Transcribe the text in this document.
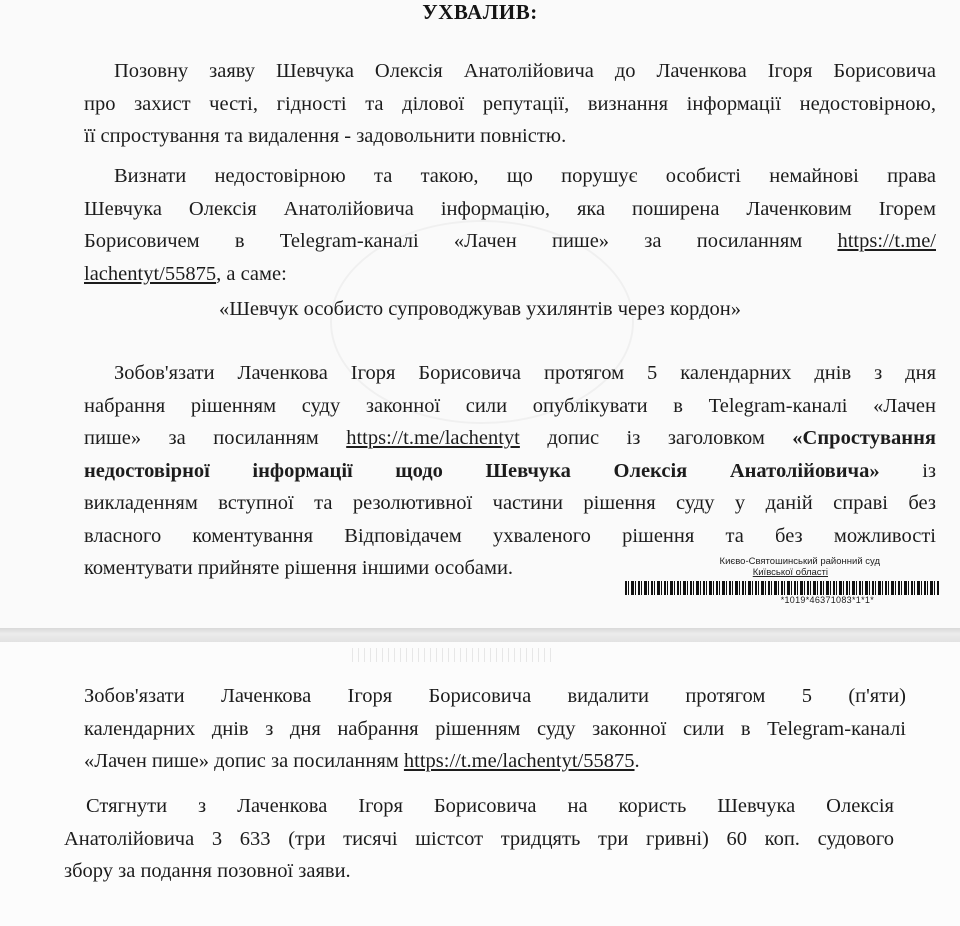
УХВАЛИВ:
Позовну заяву Шевчука Олексія Анатолійовича до Лаченкова Ігоря Борисовича
про захист честі, гідності та ділової репутації, визнання інформації недостовірною,
її спростування та видалення - задовольнити повністю.
Визнати недостовірною та такою, що порушує особисті немайнові права
Шевчука Олексія Анатолійовича інформацію, яка поширена Лаченковим Ігорем
Борисовичем в Telegram-каналі «Лачен пише» за посиланням https://t.me/
lachentyt/55875, а саме:
«Шевчук особисто супроводжував ухилянтів через кордон»
Зобов'язати Лаченкова Ігоря Борисовича протягом 5 календарних днів з дня
набрання рішенням суду законної сили опублікувати в Telegram-каналі «Лачен
пише» за посиланням https://t.me/lachentyt допис із заголовком «Спростування
недостовірної інформації щодо Шевчука Олексія Анатолійовича» із
викладенням вступної та резолютивної частини рішення суду у даній справі без
власного коментування Відповідачем ухваленого рішення та без можливості
коментувати прийняте рішення іншими особами.	Києво-Святошинський районний суд
Київської області
*1019*46371083*1*1*
Зобов'язати Лаченкова Ігоря Борисовича видалити протягом 5 (п'яти)
календарних днів з дня набрання рішенням суду законної сили в Telegram-каналі
«Лачен пише» допис за посиланням https://t.me/lachentyt/55875.
Стягнути з Лаченкова Ігоря Борисовича на користь Шевчука Олексія
Анатолійовича 3 633 (три тисячі шістсот тридцять три гривні) 60 коп. судового
збору за подання позовної заяви.
